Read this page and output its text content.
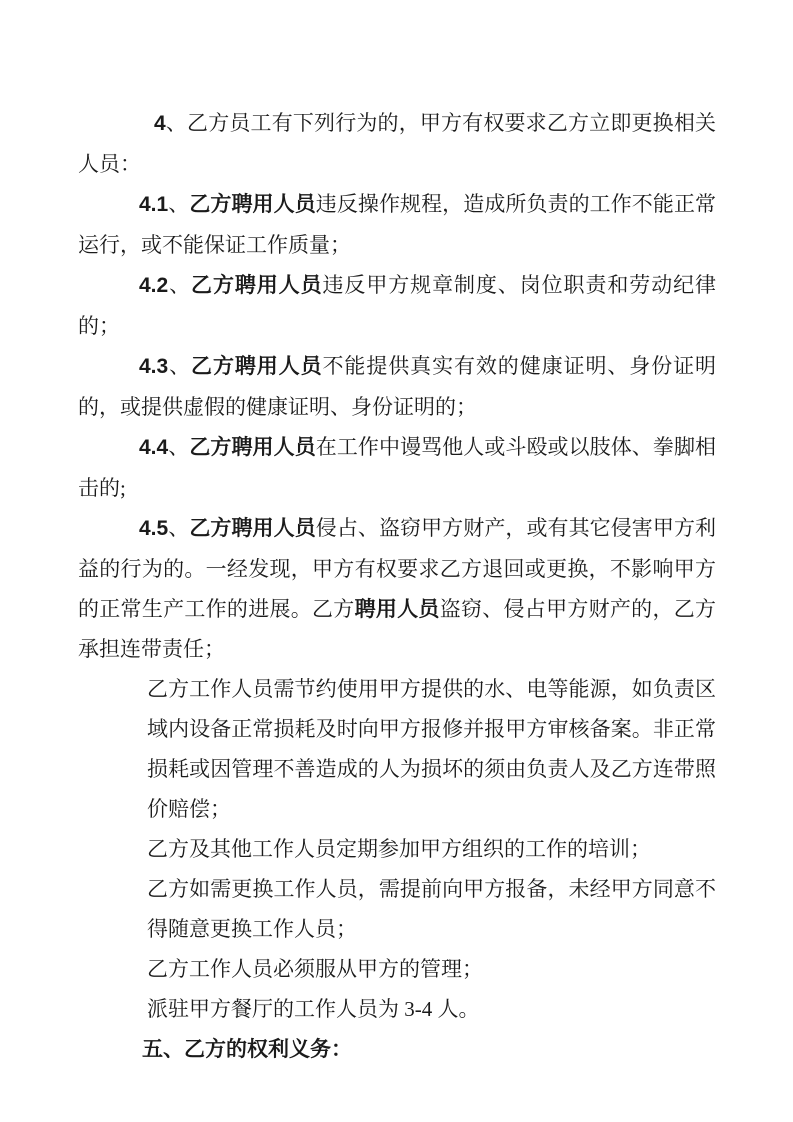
4、乙方员工有下列行为的，甲方有权要求乙方立即更换相关人员：

4.1、乙方聘用人员违反操作规程，造成所负责的工作不能正常运行，或不能保证工作质量；

4.2、乙方聘用人员违反甲方规章制度、岗位职责和劳动纪律的；

4.3、乙方聘用人员不能提供真实有效的健康证明、身份证明的，或提供虚假的健康证明、身份证明的；

4.4、乙方聘用人员在工作中谩骂他人或斗殴或以肢体、拳脚相击的;

4.5、乙方聘用人员侵占、盗窃甲方财产，或有其它侵害甲方利益的行为的。一经发现，甲方有权要求乙方退回或更换，不影响甲方的正常生产工作的进展。乙方聘用人员盗窃、侵占甲方财产的，乙方承担连带责任；

乙方工作人员需节约使用甲方提供的水、电等能源，如负责区域内设备正常损耗及时向甲方报修并报甲方审核备案。非正常损耗或因管理不善造成的人为损坏的须由负责人及乙方连带照价赔偿；

乙方及其他工作人员定期参加甲方组织的工作的培训；

乙方如需更换工作人员，需提前向甲方报备，未经甲方同意不得随意更换工作人员；

乙方工作人员必须服从甲方的管理；

派驻甲方餐厅的工作人员为 3-4 人。

五、乙方的权利义务：
